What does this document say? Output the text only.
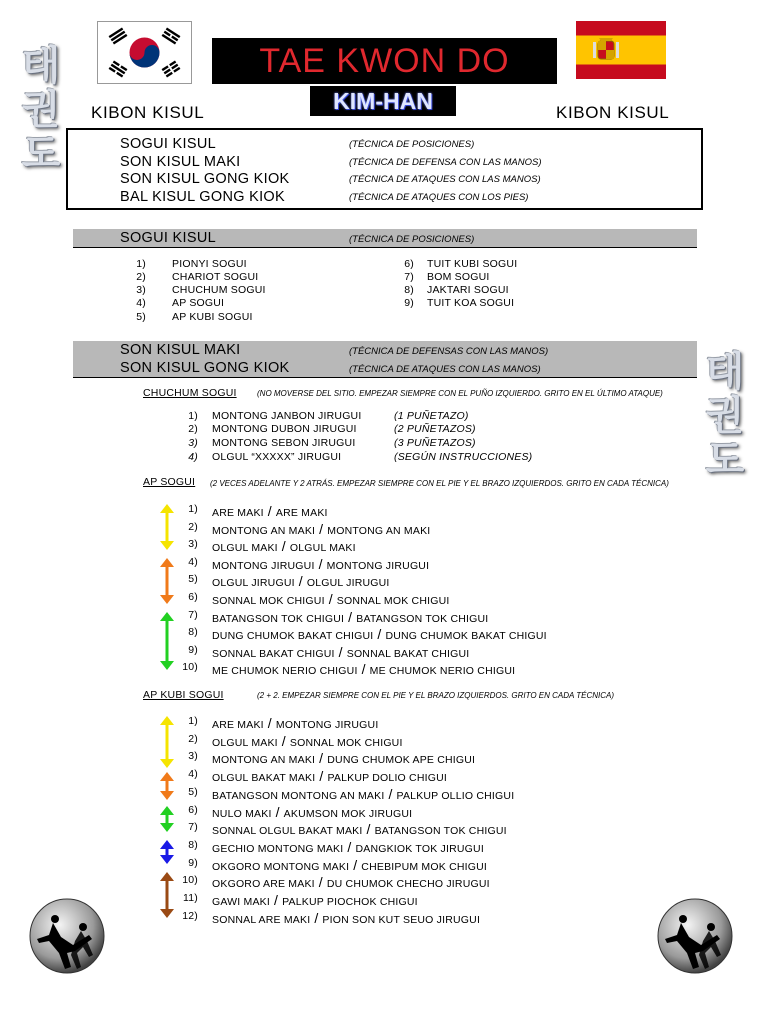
태
권
도
태
권
도
TAE KWON DO
KIM-HAN
KIBON KISUL	KIBON KISUL
SOGUI KISUL	(TÉCNICA DE POSICIONES)
SON KISUL MAKI	(TÉCNICA DE DEFENSA CON LAS MANOS)
SON KISUL GONG KIOK	(TÉCNICA DE ATAQUES CON LAS MANOS)
BAL KISUL GONG KIOK	(TÉCNICA DE ATAQUES CON LOS PIES)
SOGUI KISUL	(TÉCNICA DE POSICIONES)
1) PIONYI SOGUI
2) CHARIOT SOGUI
3) CHUCHUM SOGUI
4) AP SOGUI
5) AP KUBI SOGUI
6) TUIT KUBI SOGUI
7) BOM SOGUI
8) JAKTARI SOGUI
9) TUIT KOA SOGUI
SON KISUL MAKI	(TÉCNICA DE DEFENSAS CON LAS MANOS)
SON KISUL GONG KIOK	(TÉCNICA DE ATAQUES CON LAS MANOS)
CHUCHUM SOGUI	(NO MOVERSE DEL SITIO. EMPEZAR SIEMPRE CON EL PUÑO IZQUIERDO. GRITO EN EL ÚLTIMO ATAQUE)
1) MONTONG JANBON JIRUGUI	(1 PUÑETAZO)
2) MONTONG DUBON JIRUGUI	(2 PUÑETAZOS)
3) MONTONG SEBON JIRUGUI	(3 PUÑETAZOS)
4) OLGUL “XXXXX” JIRUGUI	(SEGÚN INSTRUCCIONES)
AP SOGUI (2 VECES ADELANTE Y 2 ATRÁS. EMPEZAR SIEMPRE CON EL PIE Y EL BRAZO IZQUIERDOS. GRITO EN CADA TÉCNICA)
1) ARE MAKI / ARE MAKI
2) MONTONG AN MAKI / MONTONG AN MAKI
3) OLGUL MAKI / OLGUL MAKI
4) MONTONG JIRUGUI / MONTONG JIRUGUI
5) OLGUL JIRUGUI / OLGUL JIRUGUI
6) SONNAL MOK CHIGUI / SONNAL MOK CHIGUI
7) BATANGSON TOK CHIGUI / BATANGSON TOK CHIGUI
8) DUNG CHUMOK BAKAT CHIGUI / DUNG CHUMOK BAKAT CHIGUI
9) SONNAL BAKAT CHIGUI / SONNAL BAKAT CHIGUI
10) ME CHUMOK NERIO CHIGUI / ME CHUMOK NERIO CHIGUI
AP KUBI SOGUI	(2 + 2. EMPEZAR SIEMPRE CON EL PIE Y EL BRAZO IZQUIERDOS. GRITO EN CADA TÉCNICA)
1) ARE MAKI / MONTONG JIRUGUI
2) OLGUL MAKI / SONNAL MOK CHIGUI
3) MONTONG AN MAKI / DUNG CHUMOK APE CHIGUI
4) OLGUL BAKAT MAKI / PALKUP DOLIO CHIGUI
5) BATANGSON MONTONG AN MAKI / PALKUP OLLIO CHIGUI
6) NULO MAKI / AKUMSON MOK JIRUGUI
7) SONNAL OLGUL BAKAT MAKI / BATANGSON TOK CHIGUI
8) GECHIO MONTONG MAKI / DANGKIOK TOK JIRUGUI
9) OKGORO MONTONG MAKI / CHEBIPUM MOK CHIGUI
10) OKGORO ARE MAKI / DU CHUMOK CHECHO JIRUGUI
11) GAWI MAKI / PALKUP PIOCHOK CHIGUI
12) SONNAL ARE MAKI / PION SON KUT SEUO JIRUGUI
